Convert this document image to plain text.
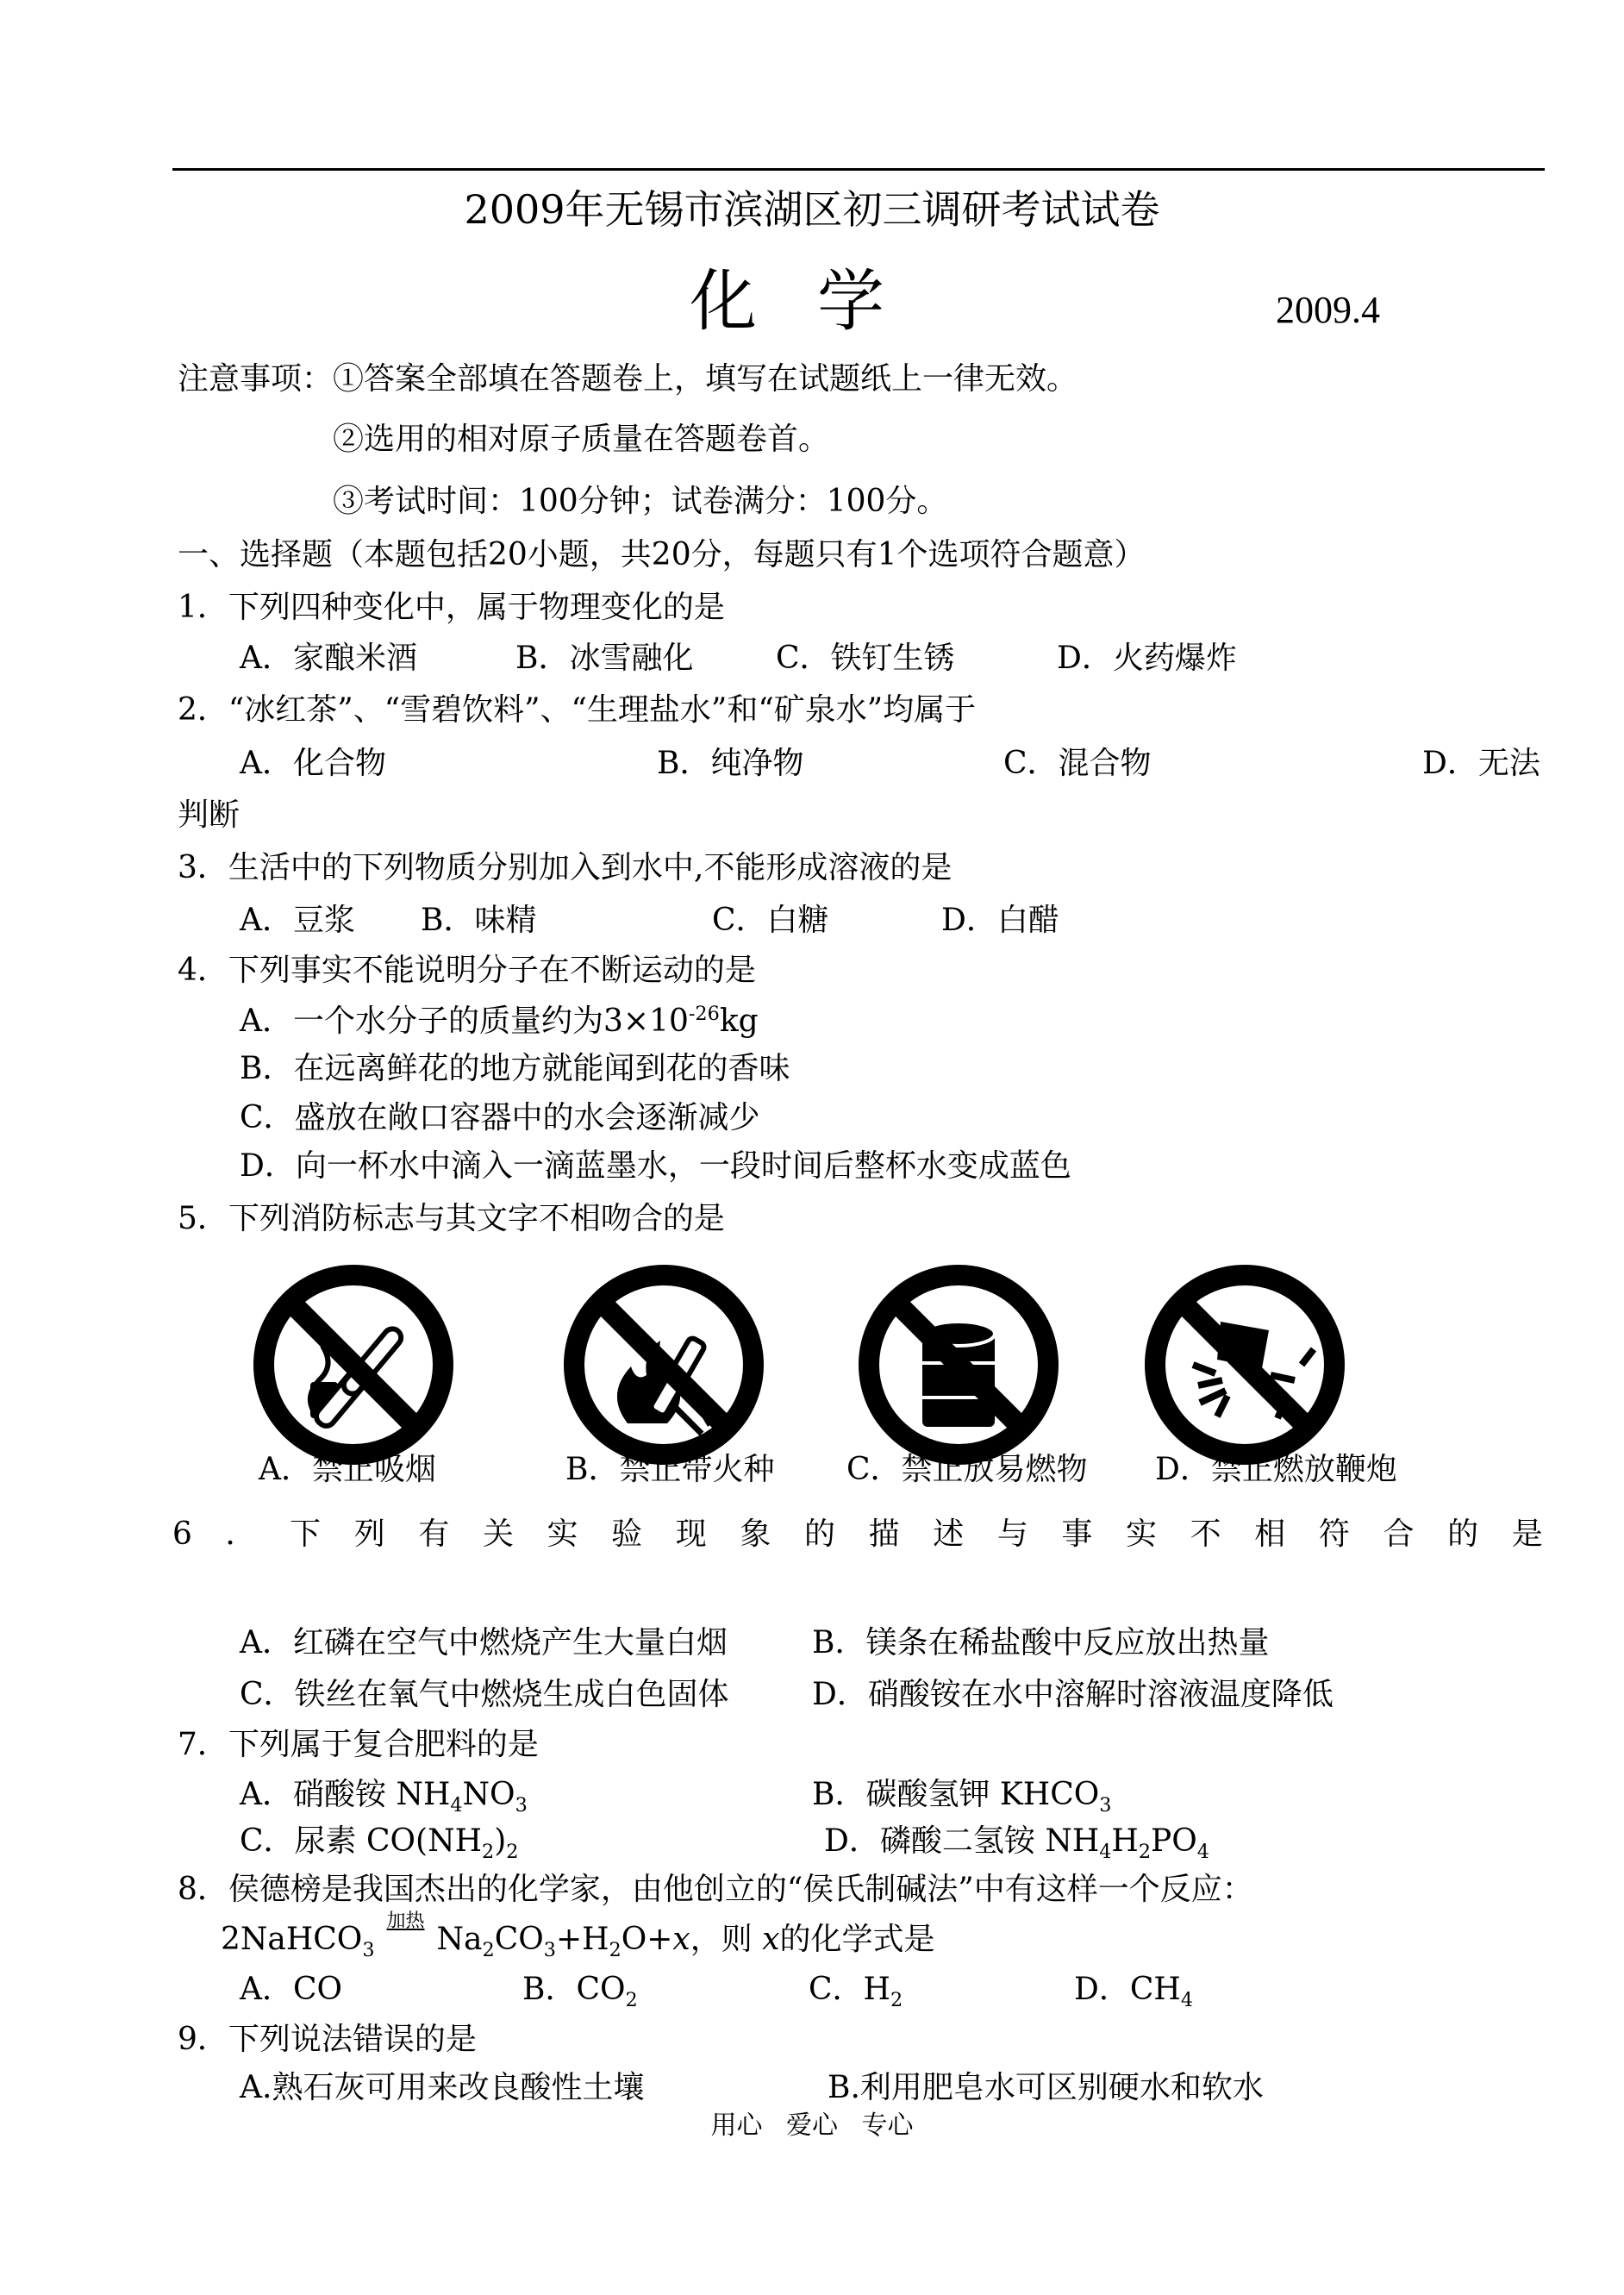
2009年无锡市滨湖区初三调研考试试卷
化学	2009.4
注意事项： ①答案全部填在答题卷上，填写在试题纸上一律无效。
②选用的相对原子质量在答题卷首。
③考试时间：100分钟；试卷满分：100分。
一、选择题（本题包括20小题，共20分，每题只有1个选项符合题意）
1．下列四种变化中，属于物理变化的是
A．家酿米酒	B．冰雪融化	C．铁钉生锈	D．火药爆炸
2．“冰红茶”、“雪碧饮料”、“生理盐水”和“矿泉水”均属于
A．化合物	B．纯净物	C．混合物	D．无法
判断
3．生活中的下列物质分别加入到水中,不能形成溶液的是
A．豆浆 B．味精	C．白糖	D．白醋
4．下列事实不能说明分子在不断运动的是
A．一个水分子的质量约为$3\times 10^{-26}kg$
B．在远离鲜花的地方就能闻到花的香味
C．盛放在敞口容器中的水会逐渐减少
D．向一杯水中滴入一滴蓝墨水，一段时间后整杯水变成蓝色
5．下列消防标志与其文字不相吻合的是
A．禁止吸烟	B．禁止带火种 C．禁止放易燃物 D．禁止燃放鞭炮
6 ． 下 列 有 关 实 验 现 象 的 描 述 与 事 实 不 相 符 合 的 是
A．红磷在空气中燃烧产生大量白烟	B．镁条在稀盐酸中反应放出热量
C．铁丝在氧气中燃烧生成白色固体	D．硝酸铵在水中溶解时溶液温度降低
7．下列属于复合肥料的是
A．硝酸铵 $NH_4NO_3$	B．碳酸氢钾 $KHCO_3$
C．尿素 $CO(NH_2)_2$	D．磷酸二氢铵 $NH_4H_2PO_4$
8．侯德榜是我国杰出的化学家，由他创立的“侯氏制碱法”中有这样一个反应：
2NaHCO$_3$
加热
$Na_2CO_3+H_2O+x$，则 x的化学式是
A．CO	B．$CO_2$	C．$H_2$	D．$CH_4$
9．下列说法错误的是
A.熟石灰可用来改良酸性土壤	B.利用肥皂水可区别硬水和软水
用心 爱心 专心
